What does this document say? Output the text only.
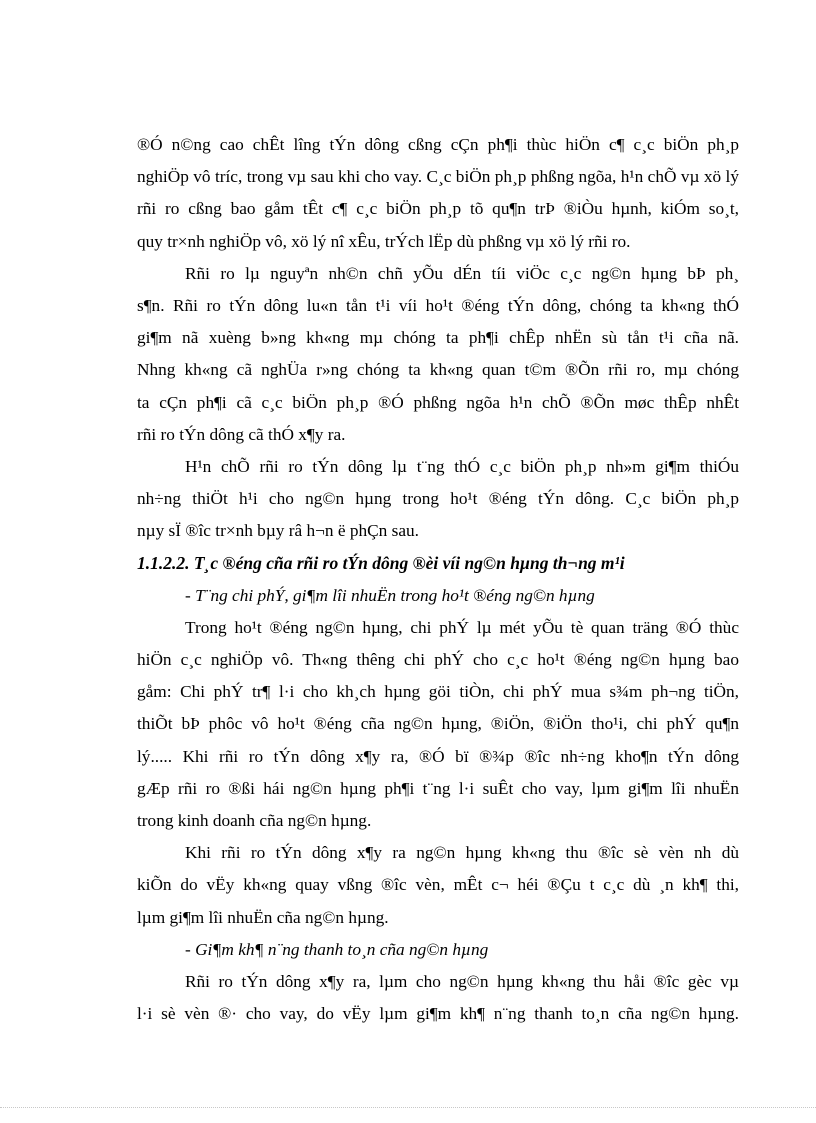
®Ó n©ng cao chÊt lîng tÝn dông cßng cÇn ph¶i thùc hiÖn c¶ c¸c biÖn ph¸p
nghiÖp vô tríc, trong vµ sau khi cho vay. C¸c biÖn ph¸p phßng ngõa, h¹n chÕ vµ xö lý
rñi ro cßng bao gåm tÊt c¶ c¸c biÖn ph¸p tõ qu¶n trÞ ®iÒu hµnh, kiÓm so¸t,
quy tr×nh nghiÖp vô, xö lý nî xÊu, trÝch lËp dù phßng vµ xö lý rñi ro.
Rñi ro lµ nguyªn nh©n chñ yÕu dÉn tíi viÖc c¸c ng©n hµng bÞ ph¸
s¶n. Rñi ro tÝn dông lu«n tån t¹i víi ho¹t ®éng tÝn dông, chóng ta kh«ng thÓ
gi¶m nã xuèng b»ng kh«ng mµ chóng ta ph¶i chÊp nhËn sù tån t¹i cña nã.
Nhng kh«ng cã nghÜa r»ng chóng ta kh«ng quan t©m ®Õn rñi ro, mµ chóng
ta cÇn ph¶i cã c¸c biÖn ph¸p ®Ó phßng ngõa h¹n chÕ ®Õn møc thÊp nhÊt
rñi ro tÝn dông cã thÓ x¶y ra.
H¹n chÕ rñi ro tÝn dông lµ t¨ng thÓ c¸c biÖn ph¸p nh»m gi¶m thiÓu
nh÷ng thiÖt h¹i cho ng©n hµng trong ho¹t ®éng tÝn dông. C¸c biÖn ph¸p
nµy sÏ ®îc tr×nh bµy râ h¬n ë phÇn sau.
1.1.2.2. T¸c ®éng cña rñi ro tÝn dông ®èi víi ng©n hµng th¬ng m¹i
- T¨ng chi phÝ, gi¶m lîi nhuËn trong ho¹t ®éng ng©n hµng
Trong ho¹t ®éng ng©n hµng, chi phÝ lµ mét yÕu tè quan träng ®Ó thùc
hiÖn c¸c nghiÖp vô. Th«ng thêng chi phÝ cho c¸c ho¹t ®éng ng©n hµng bao
gåm: Chi phÝ tr¶ l·i cho kh¸ch hµng göi tiÒn, chi phÝ mua s¾m ph¬ng tiÖn,
thiÕt bÞ phôc vô ho¹t ®éng cña ng©n hµng, ®iÖn, ®iÖn tho¹i, chi phÝ qu¶n
lý..... Khi rñi ro tÝn dông x¶y ra, ®Ó bï ®¾p ®îc nh÷ng kho¶n tÝn dông
gÆp rñi ro ®ßi hái ng©n hµng ph¶i t¨ng l·i suÊt cho vay, lµm gi¶m lîi nhuËn
trong kinh doanh cña ng©n hµng.
Khi rñi ro tÝn dông x¶y ra ng©n hµng kh«ng thu ®îc sè vèn nh dù
kiÕn do vËy kh«ng quay vßng ®îc vèn, mÊt c¬ héi ®Çu t c¸c dù ¸n kh¶ thi,
lµm gi¶m lîi nhuËn cña ng©n hµng.
- Gi¶m kh¶ n¨ng thanh to¸n cña ng©n hµng
Rñi ro tÝn dông x¶y ra, lµm cho ng©n hµng kh«ng thu håi ®îc gèc vµ
l·i sè vèn ®· cho vay, do vËy lµm gi¶m kh¶ n¨ng thanh to¸n cña ng©n hµng.
